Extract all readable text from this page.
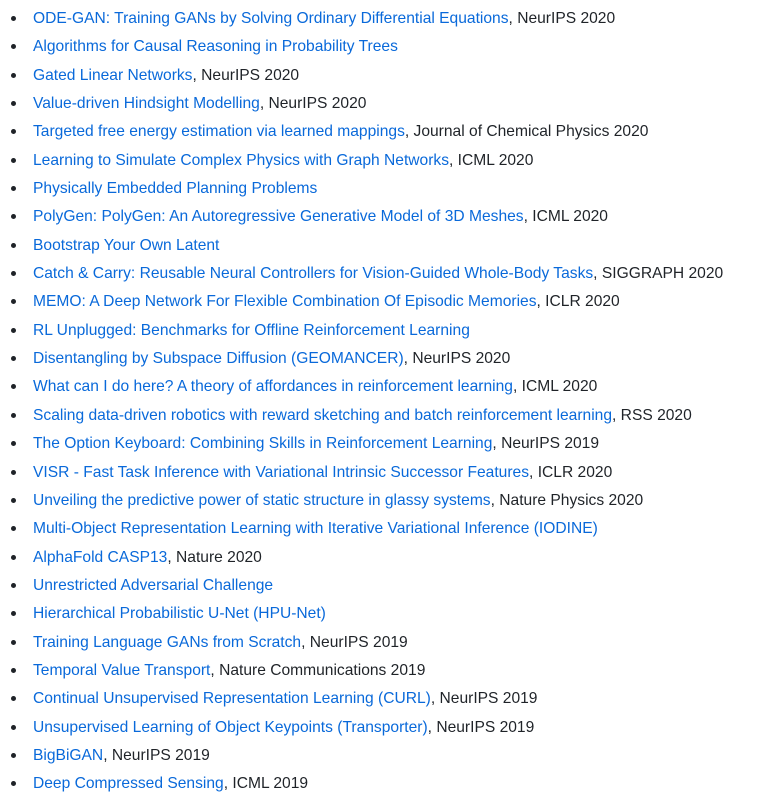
ODE-GAN: Training GANs by Solving Ordinary Differential Equations, NeurIPS 2020
Algorithms for Causal Reasoning in Probability Trees
Gated Linear Networks, NeurIPS 2020
Value-driven Hindsight Modelling, NeurIPS 2020
Targeted free energy estimation via learned mappings, Journal of Chemical Physics 2020
Learning to Simulate Complex Physics with Graph Networks, ICML 2020
Physically Embedded Planning Problems
PolyGen: PolyGen: An Autoregressive Generative Model of 3D Meshes, ICML 2020
Bootstrap Your Own Latent
Catch & Carry: Reusable Neural Controllers for Vision-Guided Whole-Body Tasks, SIGGRAPH 2020
MEMO: A Deep Network For Flexible Combination Of Episodic Memories, ICLR 2020
RL Unplugged: Benchmarks for Offline Reinforcement Learning
Disentangling by Subspace Diffusion (GEOMANCER), NeurIPS 2020
What can I do here? A theory of affordances in reinforcement learning, ICML 2020
Scaling data-driven robotics with reward sketching and batch reinforcement learning, RSS 2020
The Option Keyboard: Combining Skills in Reinforcement Learning, NeurIPS 2019
VISR - Fast Task Inference with Variational Intrinsic Successor Features, ICLR 2020
Unveiling the predictive power of static structure in glassy systems, Nature Physics 2020
Multi-Object Representation Learning with Iterative Variational Inference (IODINE)
AlphaFold CASP13, Nature 2020
Unrestricted Adversarial Challenge
Hierarchical Probabilistic U-Net (HPU-Net)
Training Language GANs from Scratch, NeurIPS 2019
Temporal Value Transport, Nature Communications 2019
Continual Unsupervised Representation Learning (CURL), NeurIPS 2019
Unsupervised Learning of Object Keypoints (Transporter), NeurIPS 2019
BigBiGAN, NeurIPS 2019
Deep Compressed Sensing, ICML 2019
